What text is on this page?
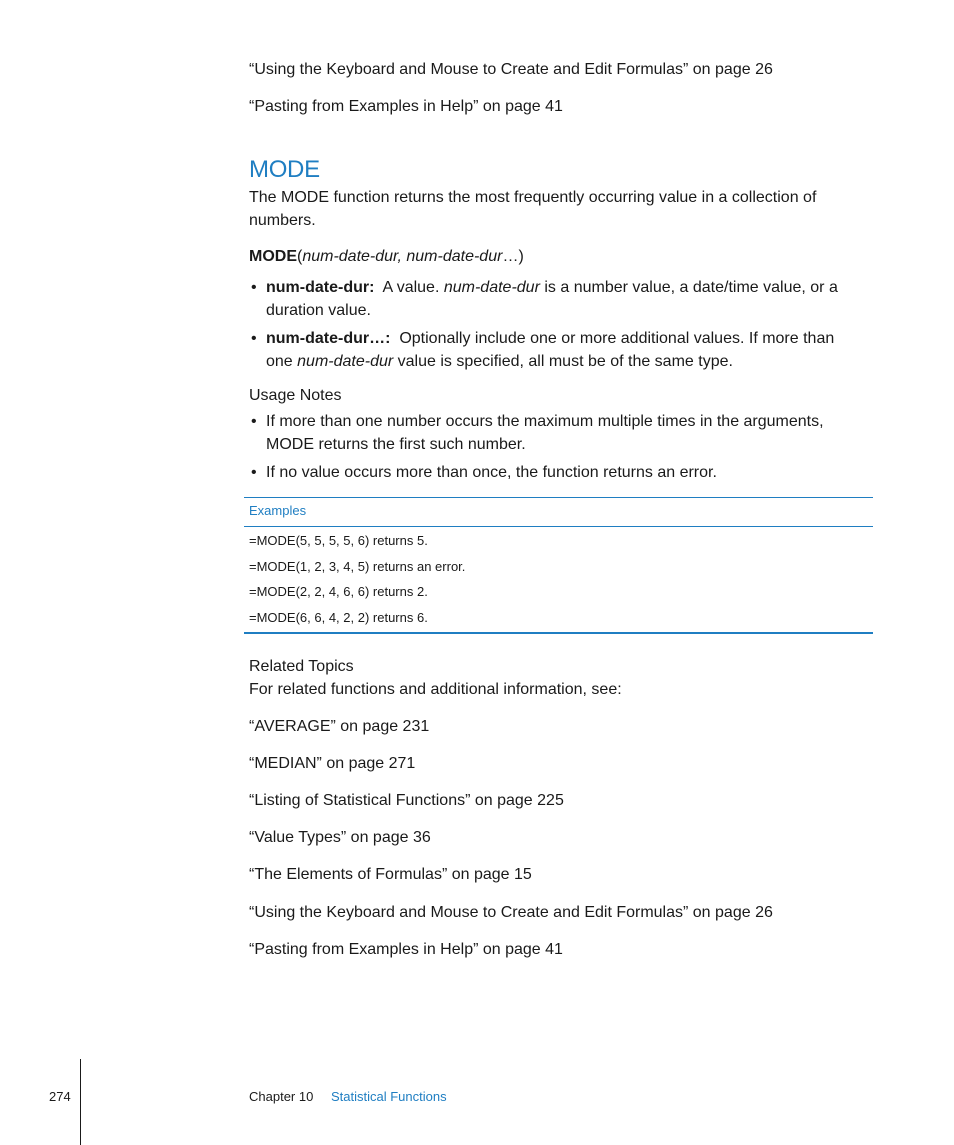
“Using the Keyboard and Mouse to Create and Edit Formulas” on page 26
“Pasting from Examples in Help” on page 41
MODE
The MODE function returns the most frequently occurring value in a collection of numbers.
MODE(num-date-dur, num-date-dur…)
• num-date-dur: A value. num-date-dur is a number value, a date/time value, or a duration value.
• num-date-dur…: Optionally include one or more additional values. If more than one num-date-dur value is specified, all must be of the same type.
Usage Notes
• If more than one number occurs the maximum multiple times in the arguments, MODE returns the first such number.
• If no value occurs more than once, the function returns an error.
Examples
=MODE(5, 5, 5, 5, 6) returns 5.
=MODE(1, 2, 3, 4, 5) returns an error.
=MODE(2, 2, 4, 6, 6) returns 2.
=MODE(6, 6, 4, 2, 2) returns 6.
Related Topics
For related functions and additional information, see:
“AVERAGE” on page 231
“MEDIAN” on page 271
“Listing of Statistical Functions” on page 225
“Value Types” on page 36
“The Elements of Formulas” on page 15
“Using the Keyboard and Mouse to Create and Edit Formulas” on page 26
“Pasting from Examples in Help” on page 41
274	Chapter 10 Statistical Functions
